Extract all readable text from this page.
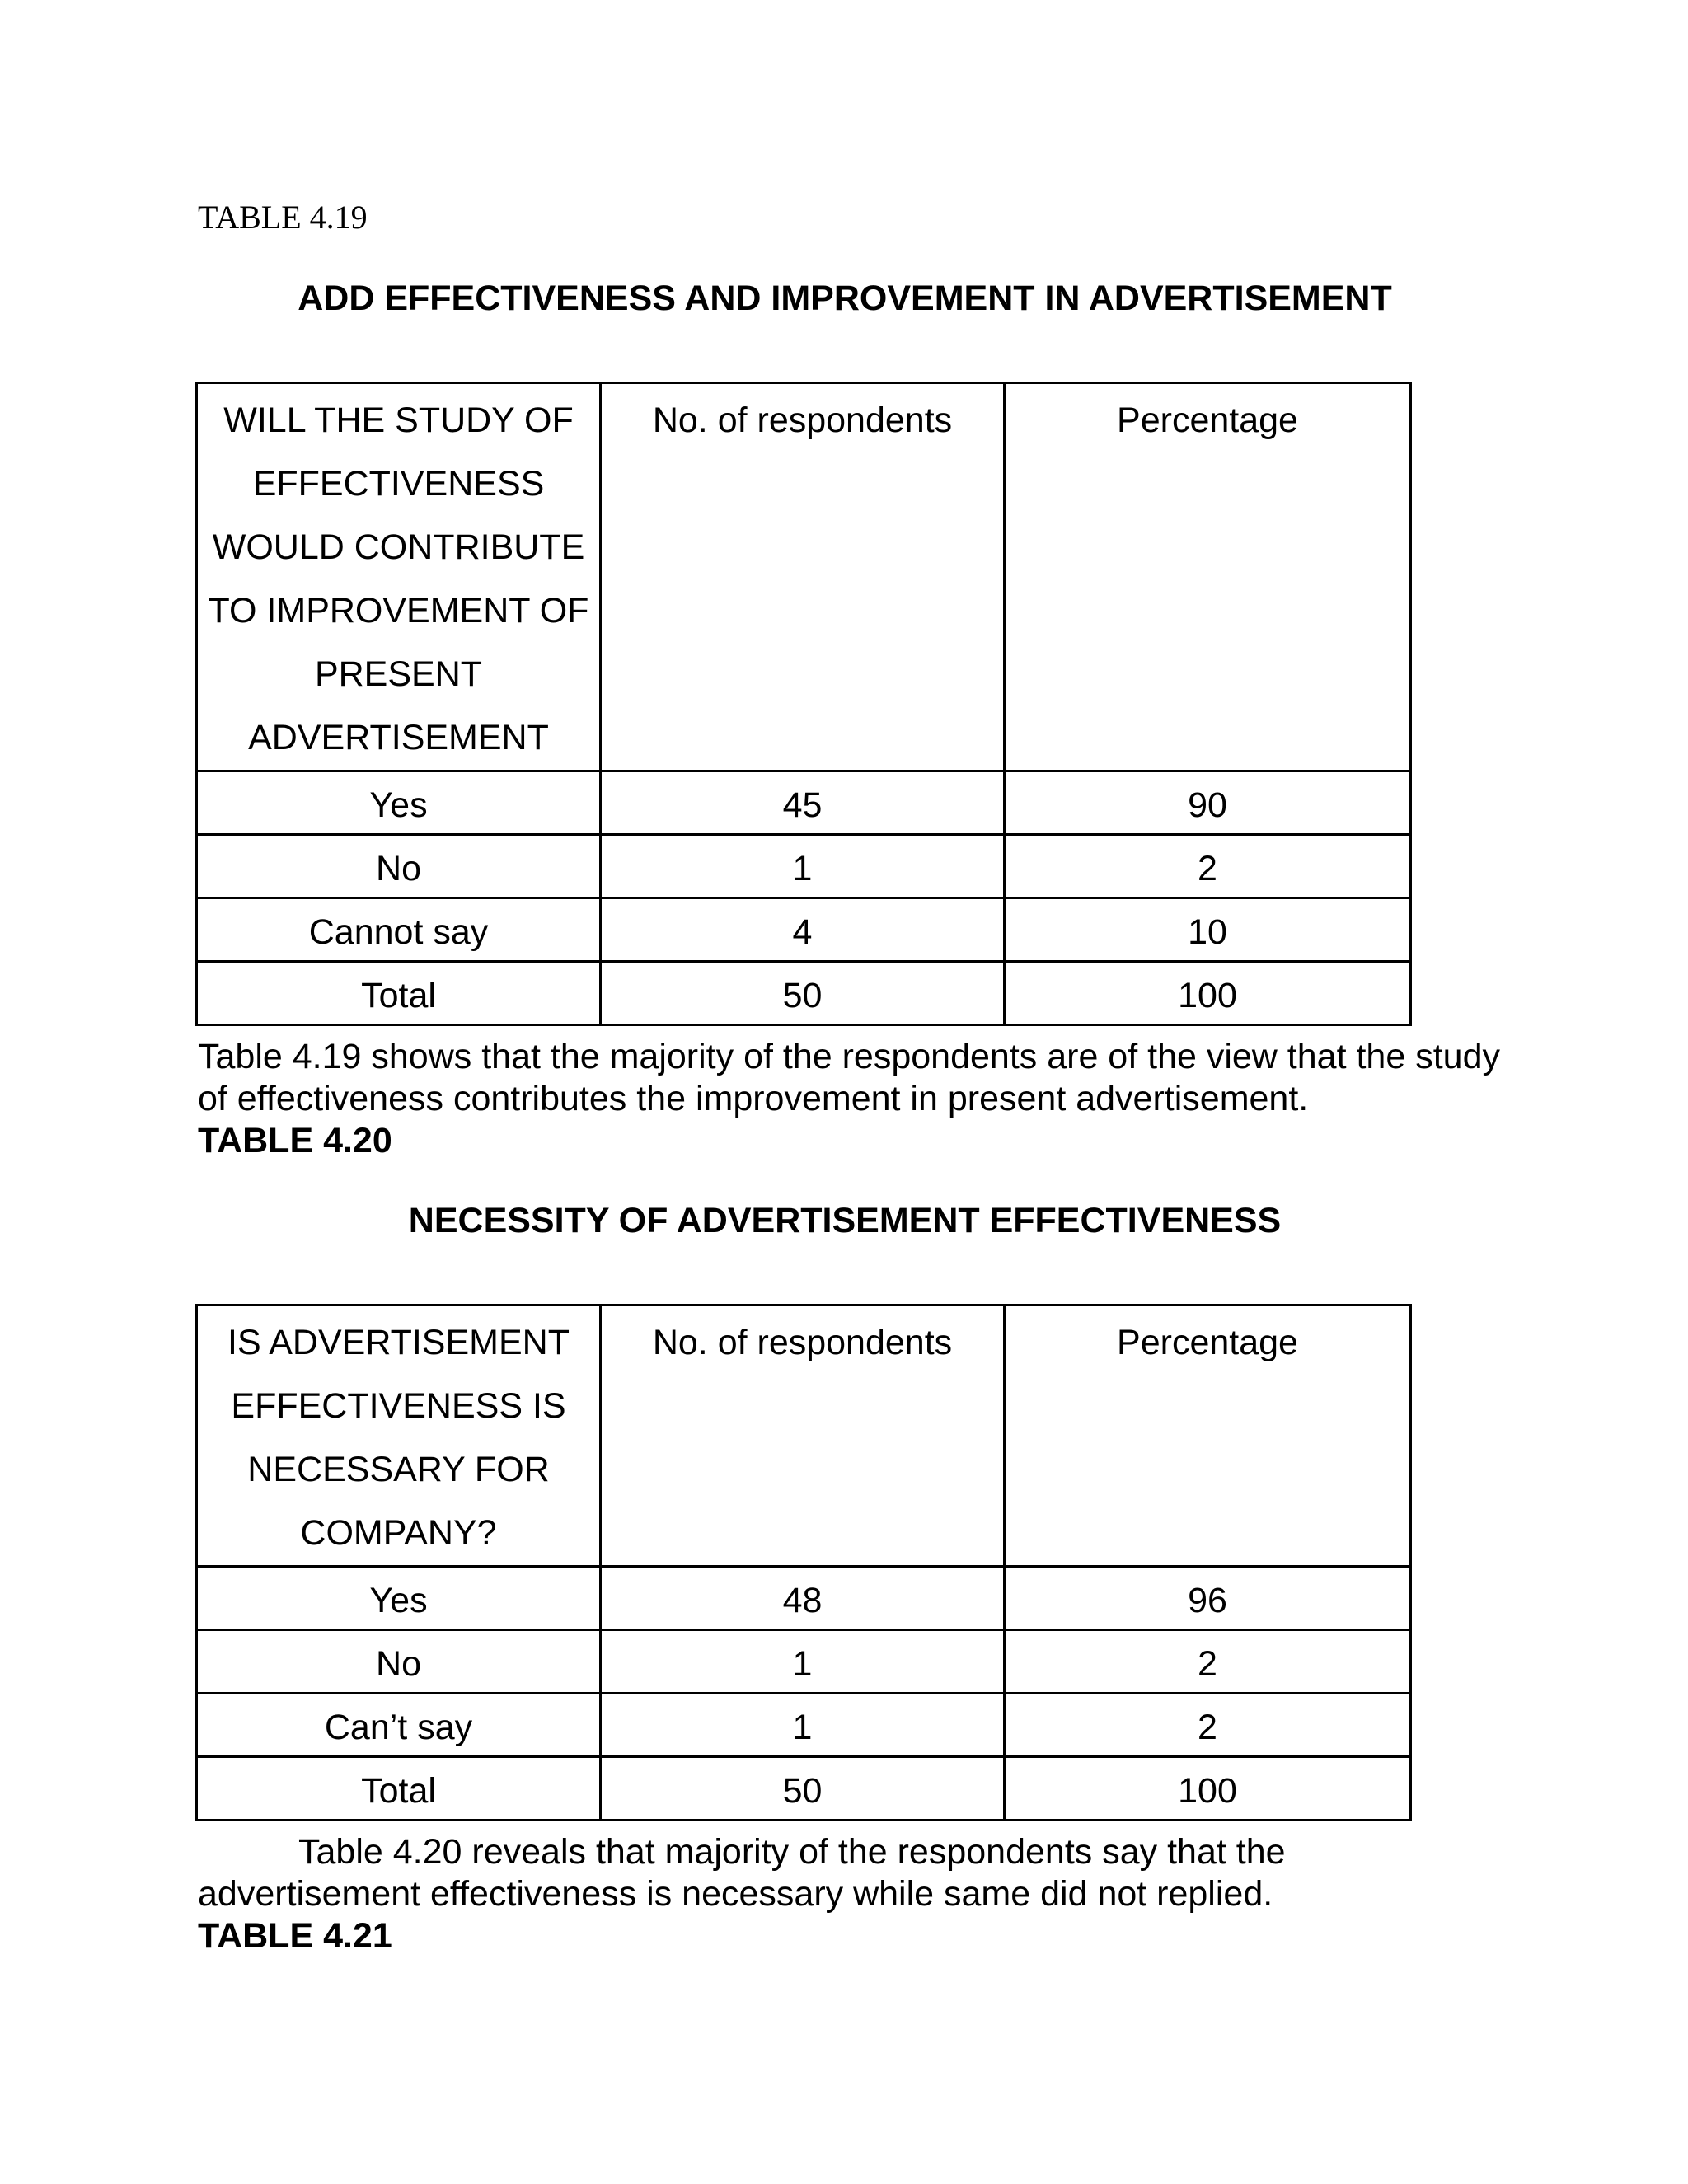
TABLE 4.19
ADD EFFECTIVENESS AND IMPROVEMENT IN ADVERTISEMENT
WILL THE STUDY OF EFFECTIVENESS WOULD CONTRIBUTE TO IMPROVEMENT OF PRESENT ADVERTISEMENT	No. of respondents	Percentage
Yes	45	90
No	1	2
Cannot say	4	10
Total	50	100
Table 4.19 shows that the majority of the respondents are of the view that the study of effectiveness contributes the improvement in present advertisement.
TABLE 4.20
NECESSITY OF ADVERTISEMENT EFFECTIVENESS
IS ADVERTISEMENT EFFECTIVENESS IS NECESSARY FOR COMPANY?	No. of respondents	Percentage
Yes	48	96
No	1	2
Can’t say	1	2
Total	50	100
Table 4.20 reveals that majority of the respondents say that the advertisement effectiveness is necessary while same did not replied.
TABLE 4.21
